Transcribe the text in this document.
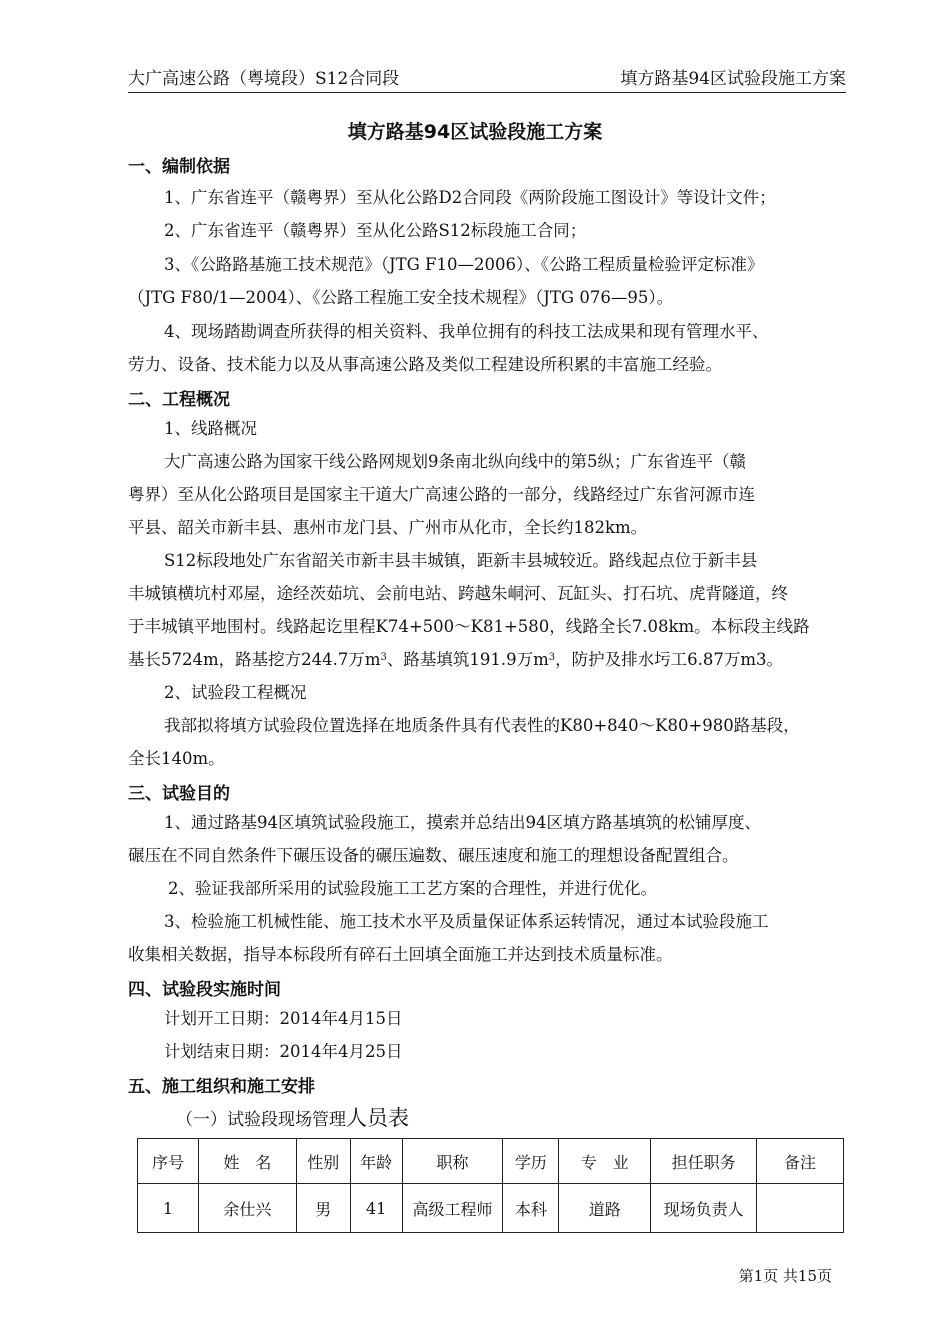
大广高速公路（粤境段）S12合同段	填方路基94区试验段施工方案
填方路基94区试验段施工方案
一、编制依据
1、广东省连平（赣粤界）至从化公路D2合同段《两阶段施工图设计》等设计文件；
2、广东省连平（赣粤界）至从化公路S12标段施工合同；
3、《公路路基施工技术规范》（JTG F10—2006）、《公路工程质量检验评定标准》
（JTG F80/1—2004）、《公路工程施工安全技术规程》（JTG 076—95）。
4、现场踏勘调查所获得的相关资料、我单位拥有的科技工法成果和现有管理水平、
劳力、设备、技术能力以及从事高速公路及类似工程建设所积累的丰富施工经验。
二、工程概况
1、线路概况
大广高速公路为国家干线公路网规划9条南北纵向线中的第5纵；广东省连平（赣
粤界）至从化公路项目是国家主干道大广高速公路的一部分，线路经过广东省河源市连
平县、韶关市新丰县、惠州市龙门县、广州市从化市，全长约182km。
S12标段地处广东省韶关市新丰县丰城镇，距新丰县城较近。路线起点位于新丰县
丰城镇横坑村邓屋，途经茨茹坑、会前电站、跨越朱峒河、瓦缸头、打石坑、虎背隧道，终
于丰城镇平地围村。线路起讫里程K74+500～K81+580，线路全长7.08km。本标段主线路
基长5724m，路基挖方244.7万$m^3$、路基填筑191.9万$m^3$，防护及排水圬工6.87万m3。
2、试验段工程概况
我部拟将填方试验段位置选择在地质条件具有代表性的K80+840～K80+980路基段，
全长140m。
三、试验目的
1、通过路基94区填筑试验段施工，摸索并总结出94区填方路基填筑的松铺厚度、
碾压在不同自然条件下碾压设备的碾压遍数、碾压速度和施工的理想设备配置组合。
2、验证我部所采用的试验段施工工艺方案的合理性，并进行优化。
3、检验施工机械性能、施工技术水平及质量保证体系运转情况，通过本试验段施工
收集相关数据，指导本标段所有碎石土回填全面施工并达到技术质量标准。
四、试验段实施时间
计划开工日期：2014年4月15日
计划结束日期：2014年4月25日
五、施工组织和施工安排
（一）试验段现场管理人员表
序号	姓　名	性别	年龄	职称	学历	专　业	担任职务	备注
1	余仕兴	男	41	高级工程师	本科	道路	现场负责人	
第1页 共15页
